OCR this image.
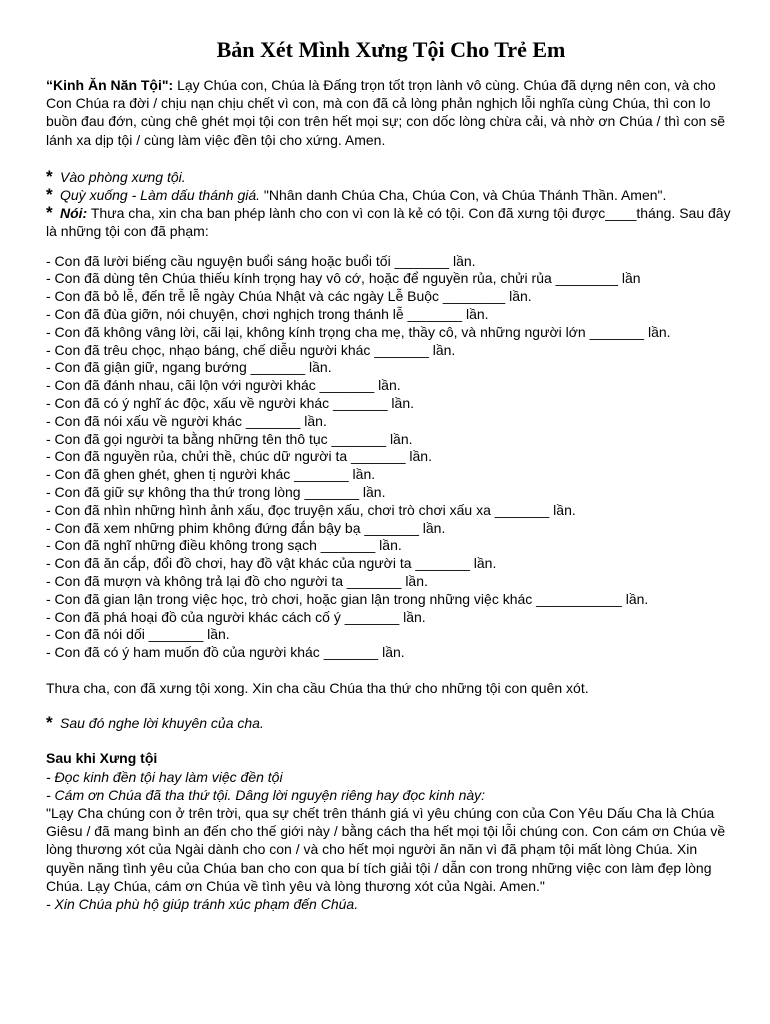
Bản Xét Mình Xưng Tội Cho Trẻ Em

“Kinh Ăn Năn Tội": Lạy Chúa con, Chúa là Đấng trọn tốt trọn lành vô cùng. Chúa đã dựng nên con, và cho Con Chúa ra đời / chịu nạn chịu chết vì con, mà con đã cả lòng phản nghịch lỗi nghĩa cùng Chúa, thì con lo buồn đau đớn, cùng chê ghét mọi tội con trên hết mọi sự; con dốc lòng chừa cải, và nhờ ơn Chúa / thì con sẽ lánh xa dịp tội / cùng làm việc đền tội cho xứng. Amen.

* Vào phòng xưng tội.

* Quỳ xuống - Làm dấu thánh giá. "Nhân danh Chúa Cha, Chúa Con, và Chúa Thánh Thần. Amen".

* Nói: Thưa cha, xin cha ban phép lành cho con vì con là kẻ có tội. Con đã xưng tội được____tháng. Sau đây là những tội con đã phạm:

- Con đã lười biếng cầu nguyện buổi sáng hoặc buổi tối _______ lần.
- Con đã dùng tên Chúa thiếu kính trọng hay vô cớ, hoặc để nguyền rủa, chửi rủa ________ lần
- Con đã bỏ lễ, đến trễ lễ ngày Chúa Nhật và các ngày Lễ Buộc ________ lần.
- Con đã đùa giỡn, nói chuyện, chơi nghịch trong thánh lễ _______ lần.
- Con đã không vâng lời, cãi lại, không kính trọng cha mẹ, thầy cô, và những người lớn _______ lần.
- Con đã trêu chọc, nhạo báng, chế diễu người khác _______ lần.
- Con đã giận giữ, ngang bướng _______ lần.
- Con đã đánh nhau, cãi lộn với người khác _______ lần.
- Con đã có ý nghĩ ác độc, xấu về người khác _______ lần.
- Con đã nói xấu về người khác _______ lần.
- Con đã gọi người ta bằng những tên thô tục _______ lần.
- Con đã nguyền rủa, chửi thề, chúc dữ người ta _______ lần.
- Con đã ghen ghét, ghen tị người khác _______ lần.
- Con đã giữ sự không tha thứ trong lòng _______ lần.
- Con đã nhìn những hình ảnh xấu, đọc truyện xấu, chơi trò chơi xấu xa _______ lần.
- Con đã xem những phim không đứng đắn bậy bạ _______ lần.
- Con đã nghĩ những điều không trong sạch _______ lần.
- Con đã ăn cắp, đổi đồ chơi, hay đồ vật khác của người ta _______ lần.
- Con đã mượn và không trả lại đồ cho người ta _______ lần.
- Con đã gian lận trong việc học, trò chơi, hoặc gian lận trong những việc khác ___________ lần.
- Con đã phá hoại đồ của người khác cách cố ý _______ lần.
- Con đã nói dối _______ lần.
- Con đã có ý ham muốn đồ của người khác _______ lần.

Thưa cha, con đã xưng tội xong. Xin cha cầu Chúa tha thứ cho những tội con quên xót.

* Sau đó nghe lời khuyên của cha.

Sau khi Xưng tội

- Đọc kinh đền tội hay làm việc đền tội

- Cám ơn Chúa đã tha thứ tội. Dâng lời nguyện riêng hay đọc kinh này:

"Lạy Cha chúng con ở trên trời, qua sự chết trên thánh giá vì yêu chúng con của Con Yêu Dấu Cha là Chúa Giêsu / đã mang bình an đến cho thế giới này / bằng cách tha hết mọi tội lỗi chúng con. Con cám ơn Chúa về lòng thương xót của Ngài dành cho con / và cho hết mọi người ăn năn vì đã phạm tội mất lòng Chúa. Xin quyền năng tình yêu của Chúa ban cho con qua bí tích giải tội / dẫn con trong những việc con làm đẹp lòng Chúa. Lạy Chúa, cám ơn Chúa về tình yêu và lòng thương xót của Ngài. Amen."

- Xin Chúa phù hộ giúp tránh xúc phạm đến Chúa.
